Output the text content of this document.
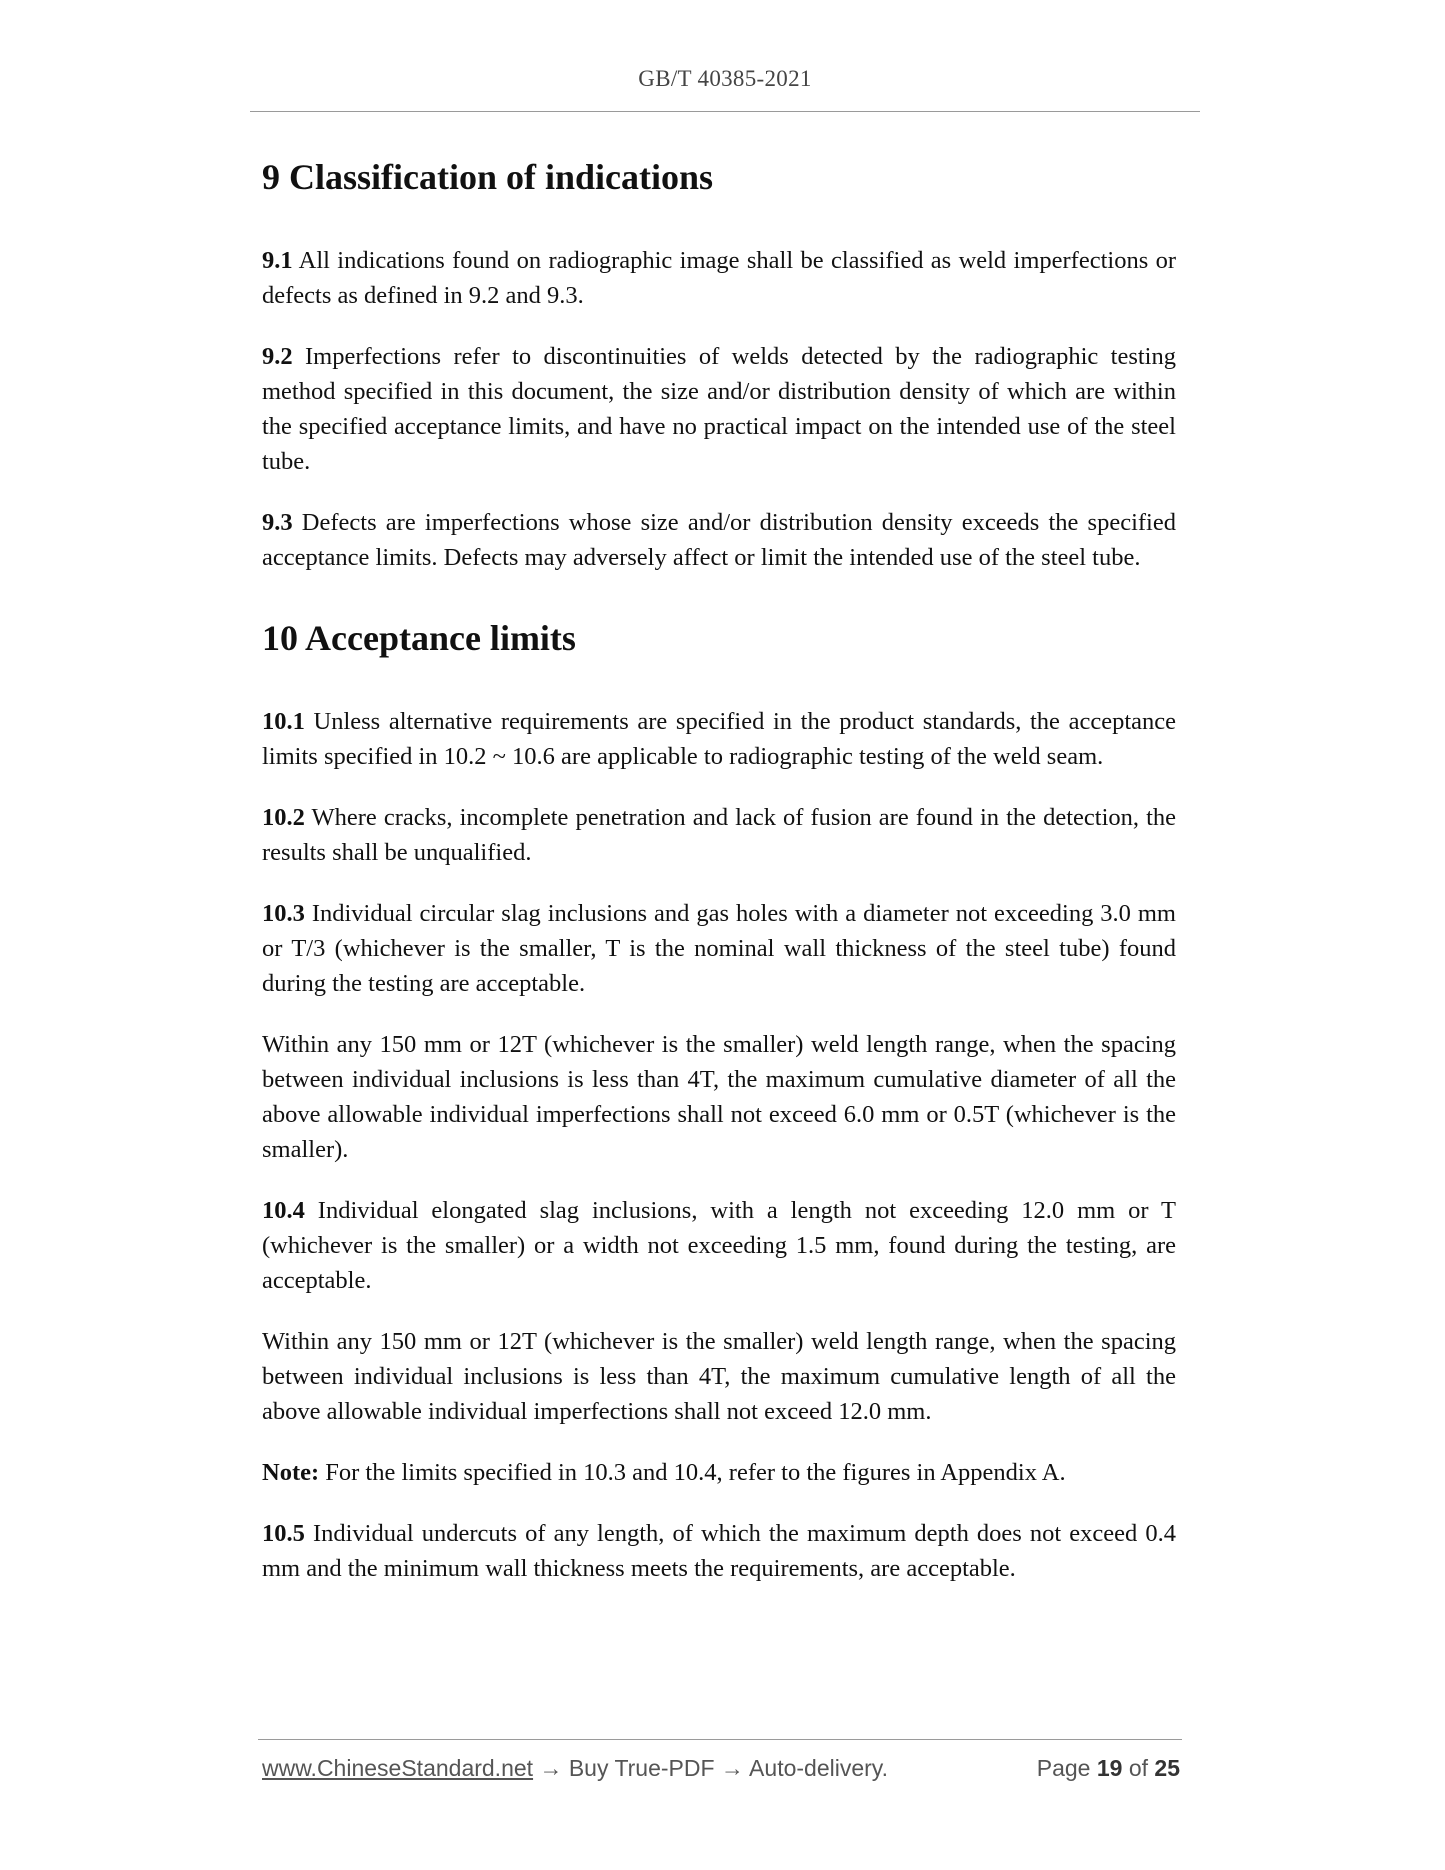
GB/T 40385-2021
9 Classification of indications

9.1 All indications found on radiographic image shall be classified as weld imperfections or defects as defined in 9.2 and 9.3.

9.2 Imperfections refer to discontinuities of welds detected by the radiographic testing method specified in this document, the size and/or distribution density of which are within the specified acceptance limits, and have no practical impact on the intended use of the steel tube.

9.3 Defects are imperfections whose size and/or distribution density exceeds the specified acceptance limits. Defects may adversely affect or limit the intended use of the steel tube.

10 Acceptance limits

10.1 Unless alternative requirements are specified in the product standards, the acceptance limits specified in 10.2 ~ 10.6 are applicable to radiographic testing of the weld seam.

10.2 Where cracks, incomplete penetration and lack of fusion are found in the detection, the results shall be unqualified.

10.3 Individual circular slag inclusions and gas holes with a diameter not exceeding 3.0 mm or T/3 (whichever is the smaller, T is the nominal wall thickness of the steel tube) found during the testing are acceptable.

Within any 150 mm or 12T (whichever is the smaller) weld length range, when the spacing between individual inclusions is less than 4T, the maximum cumulative diameter of all the above allowable individual imperfections shall not exceed 6.0 mm or 0.5T (whichever is the smaller).

10.4 Individual elongated slag inclusions, with a length not exceeding 12.0 mm or T (whichever is the smaller) or a width not exceeding 1.5 mm, found during the testing, are acceptable.

Within any 150 mm or 12T (whichever is the smaller) weld length range, when the spacing between individual inclusions is less than 4T, the maximum cumulative length of all the above allowable individual imperfections shall not exceed 12.0 mm.

Note: For the limits specified in 10.3 and 10.4, refer to the figures in Appendix A.

10.5 Individual undercuts of any length, of which the maximum depth does not exceed 0.4 mm and the minimum wall thickness meets the requirements, are acceptable.

www.ChineseStandard.net → Buy True-PDF → Auto-delivery.	Page 19 of 25
